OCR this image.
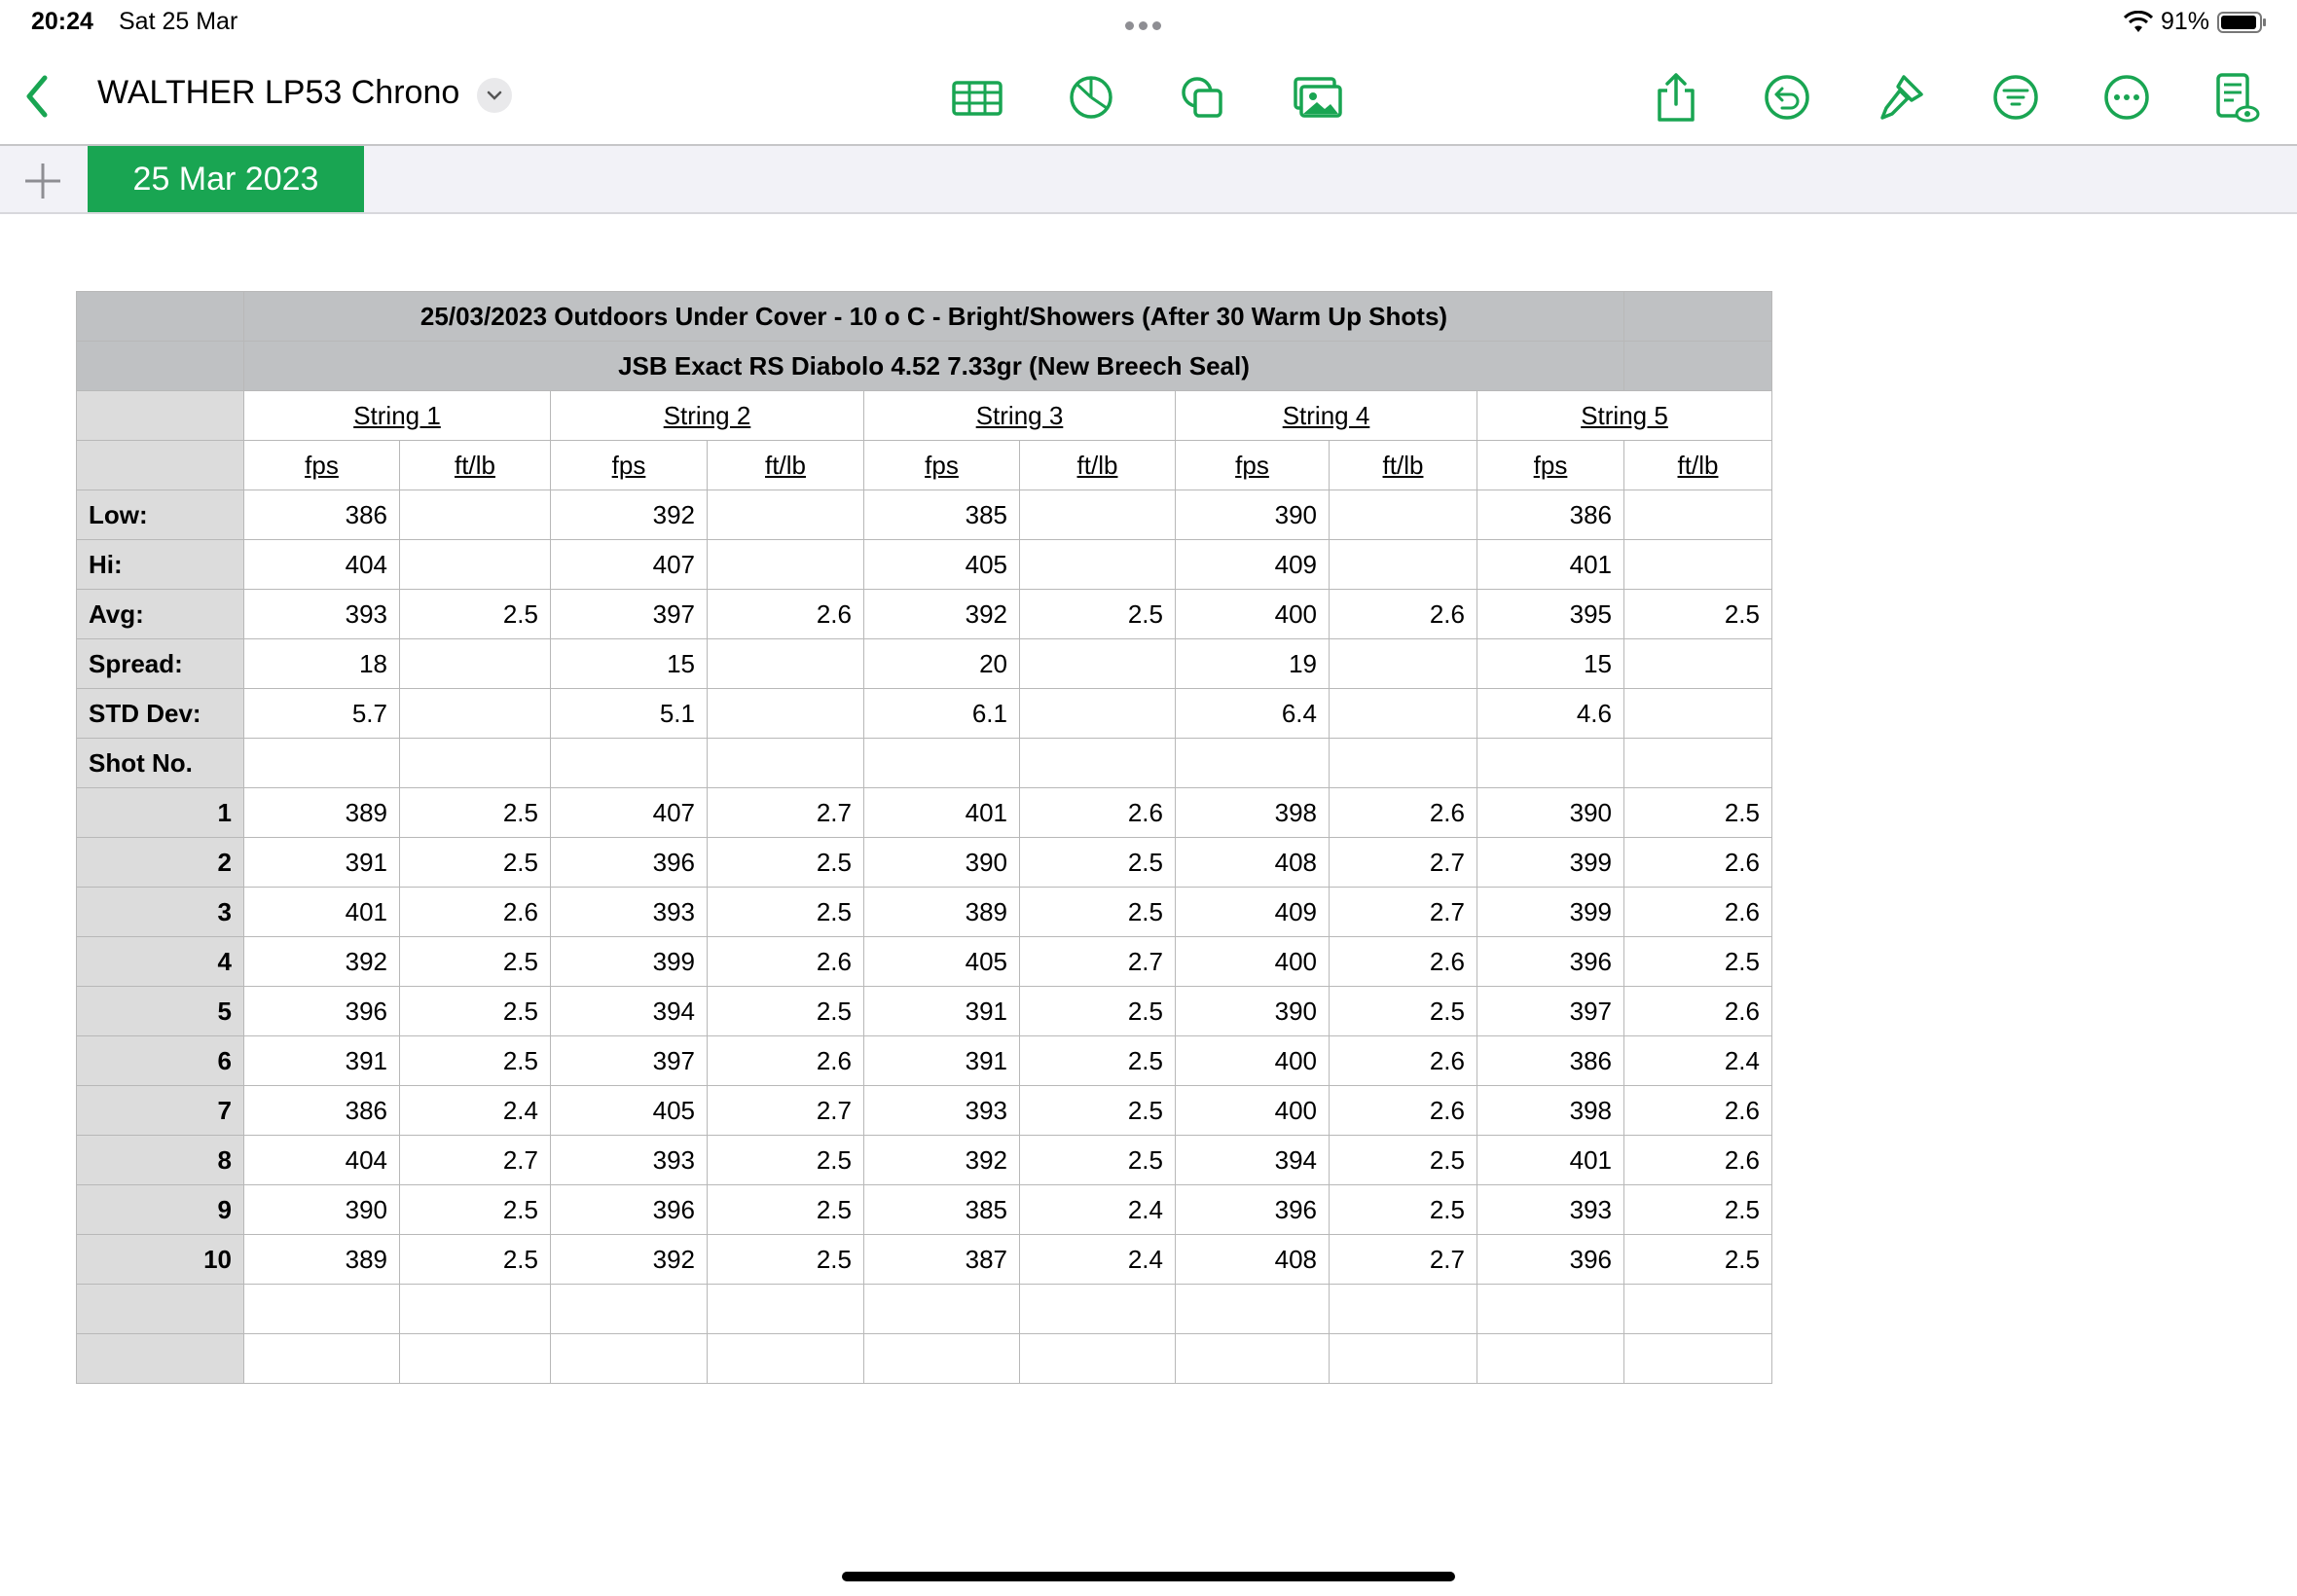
20:24 Sat 25 Mar	91%
WALTHER LP53 Chrono
25 Mar 2023
	25/03/2023 Outdoors Under Cover - 10 o C - Bright/Showers (After 30 Warm Up Shots)									
	JSB Exact RS Diabolo 4.52 7.33gr (New Breech Seal)									
	String 1		String 2		String 3		String 4		String 5	
	fps	ft/lb	fps	ft/lb	fps	ft/lb	fps	ft/lb	fps	ft/lb
Low:	386		392		385		390		386	
Hi:	404		407		405		409		401	
Avg:	393	2.5	397	2.6	392	2.5	400	2.6	395	2.5
Spread:	18		15		20		19		15	
STD Dev:	5.7		5.1		6.1		6.4		4.6	
Shot No.										
1	389	2.5	407	2.7	401	2.6	398	2.6	390	2.5
2	391	2.5	396	2.5	390	2.5	408	2.7	399	2.6
3	401	2.6	393	2.5	389	2.5	409	2.7	399	2.6
4	392	2.5	399	2.6	405	2.7	400	2.6	396	2.5
5	396	2.5	394	2.5	391	2.5	390	2.5	397	2.6
6	391	2.5	397	2.6	391	2.5	400	2.6	386	2.4
7	386	2.4	405	2.7	393	2.5	400	2.6	398	2.6
8	404	2.7	393	2.5	392	2.5	394	2.5	401	2.6
9	390	2.5	396	2.5	385	2.4	396	2.5	393	2.5
10	389	2.5	392	2.5	387	2.4	408	2.7	396	2.5
